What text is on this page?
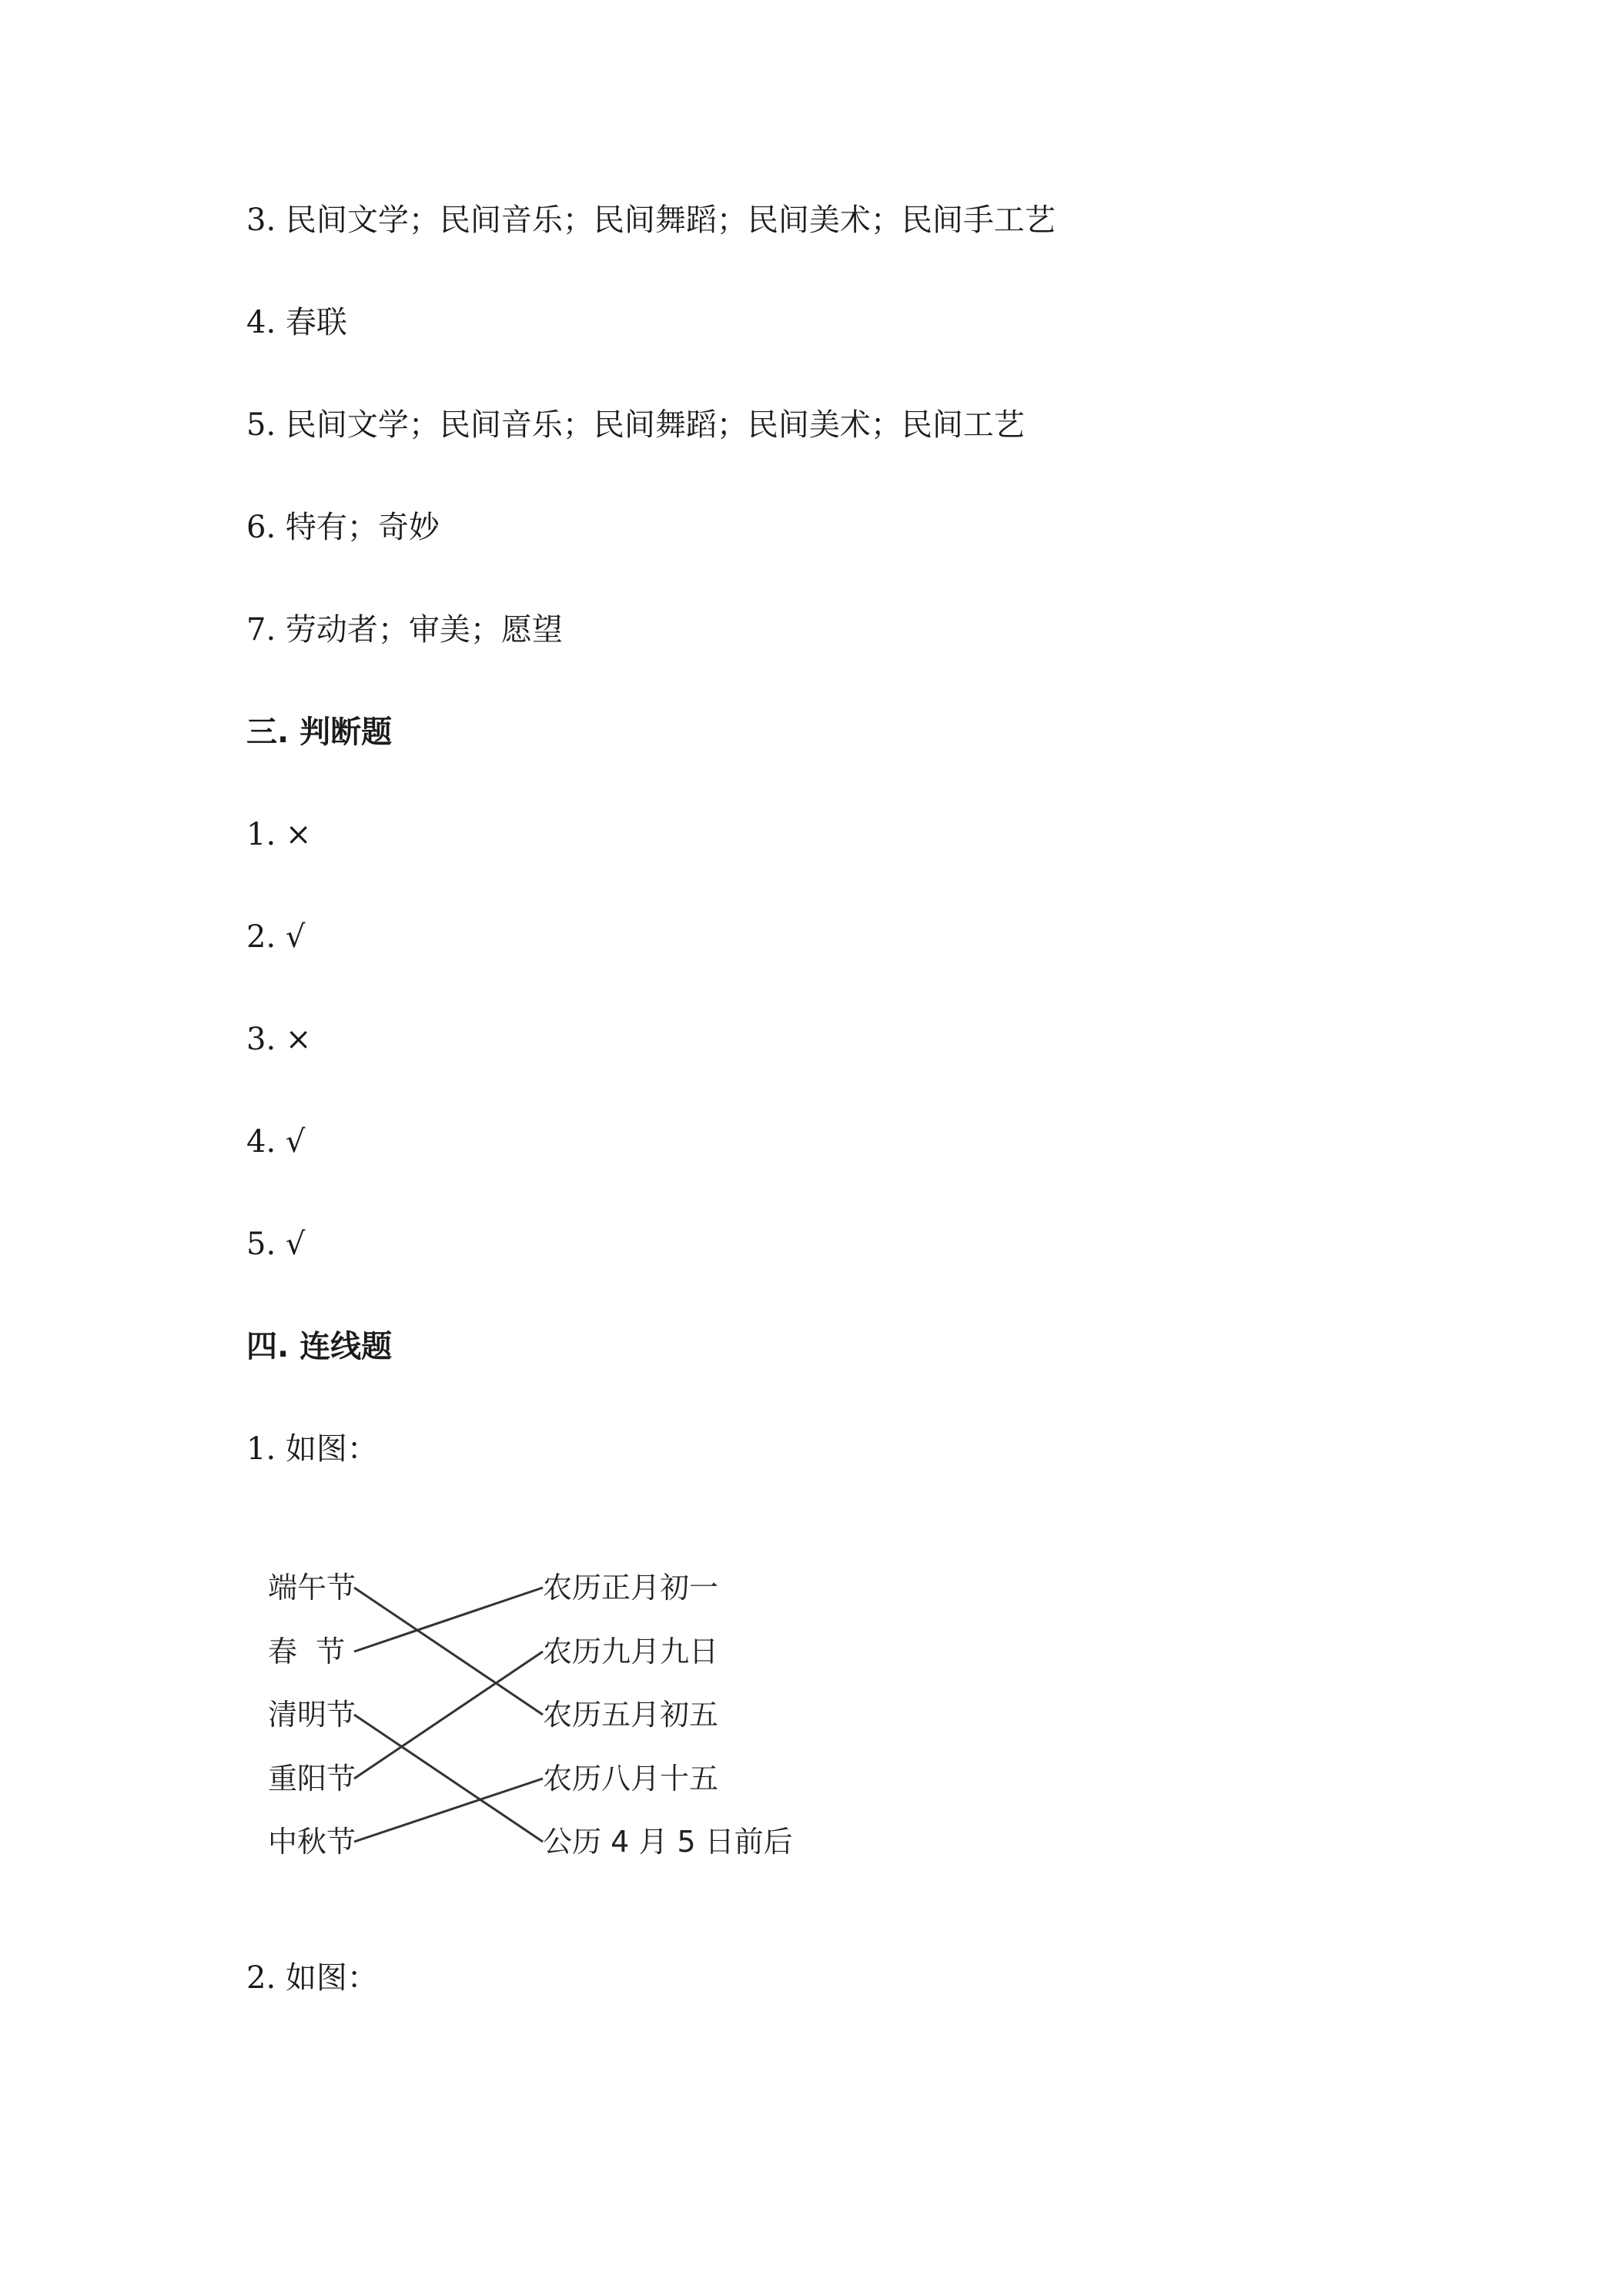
3. 民间文学；民间音乐；民间舞蹈；民间美术；民间手工艺
4. 春联
5. 民间文学；民间音乐；民间舞蹈；民间美术；民间工艺
6. 特有；奇妙
7. 劳动者；审美；愿望
三. 判断题
1. ×
2. √
3. ×
4. √
5. √
四. 连线题
1. 如图：
端午节
春  节
清明节
重阳节
中秋节
农历正月初一
农历九月九日
农历五月初五
农历八月十五
公历 4 月 5 日前后
2. 如图：
